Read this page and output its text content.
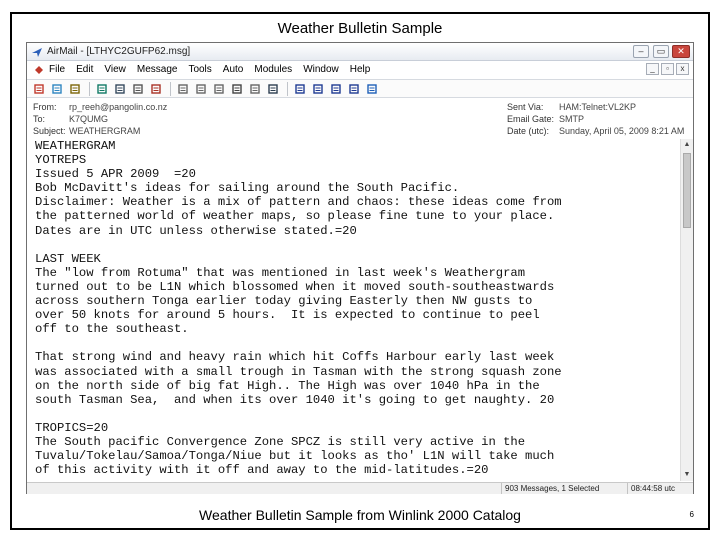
Weather Bulletin Sample
AirMail - [LTHYC2GUFP62.msg]	–	▭	✕
File Edit View Message Tools Auto Modules Window Help	_	▫	x
From: rp_reeh@pangolin.co.nz	Sent Via: HAM:Telnet:VL2KP
To:	K7QUMG	Email Gate: SMTP
Subject: WEATHERGRAM	Date (utc): Sunday, April 05, 2009 8:21 AM
WEATHERGRAM
YOTREPS
Issued 5 APR 2009  =20
Bob McDavitt's ideas for sailing around the South Pacific.
Disclaimer: Weather is a mix of pattern and chaos: these ideas come from
the patterned world of weather maps, so please fine tune to your place.
Dates are in UTC unless otherwise stated.=20
LAST WEEK
The "low from Rotuma" that was mentioned in last week's Weathergram
turned out to be L1N which blossomed when it moved south-southeastwards
across southern Tonga earlier today giving Easterly then NW gusts to
over 50 knots for around 5 hours.  It is expected to continue to peel
off to the southeast.
That strong wind and heavy rain which hit Coffs Harbour early last week
was associated with a small trough in Tasman with the strong squash zone
on the north side of big fat High.. The High was over 1040 hPa in the
south Tasman Sea,  and when its over 1040 it's going to get naughty. 20
TROPICS=20
The South pacific Convergence Zone SPCZ is still very active in the
Tuvalu/Tokelau/Samoa/Tonga/Niue but it looks as tho' L1N will take much
of this activity with it off and away to the mid-latitudes.=20
▲
▼
903 Messages, 1 Selected	08:44:58 utc
Weather Bulletin Sample from Winlink 2000 Catalog	6
